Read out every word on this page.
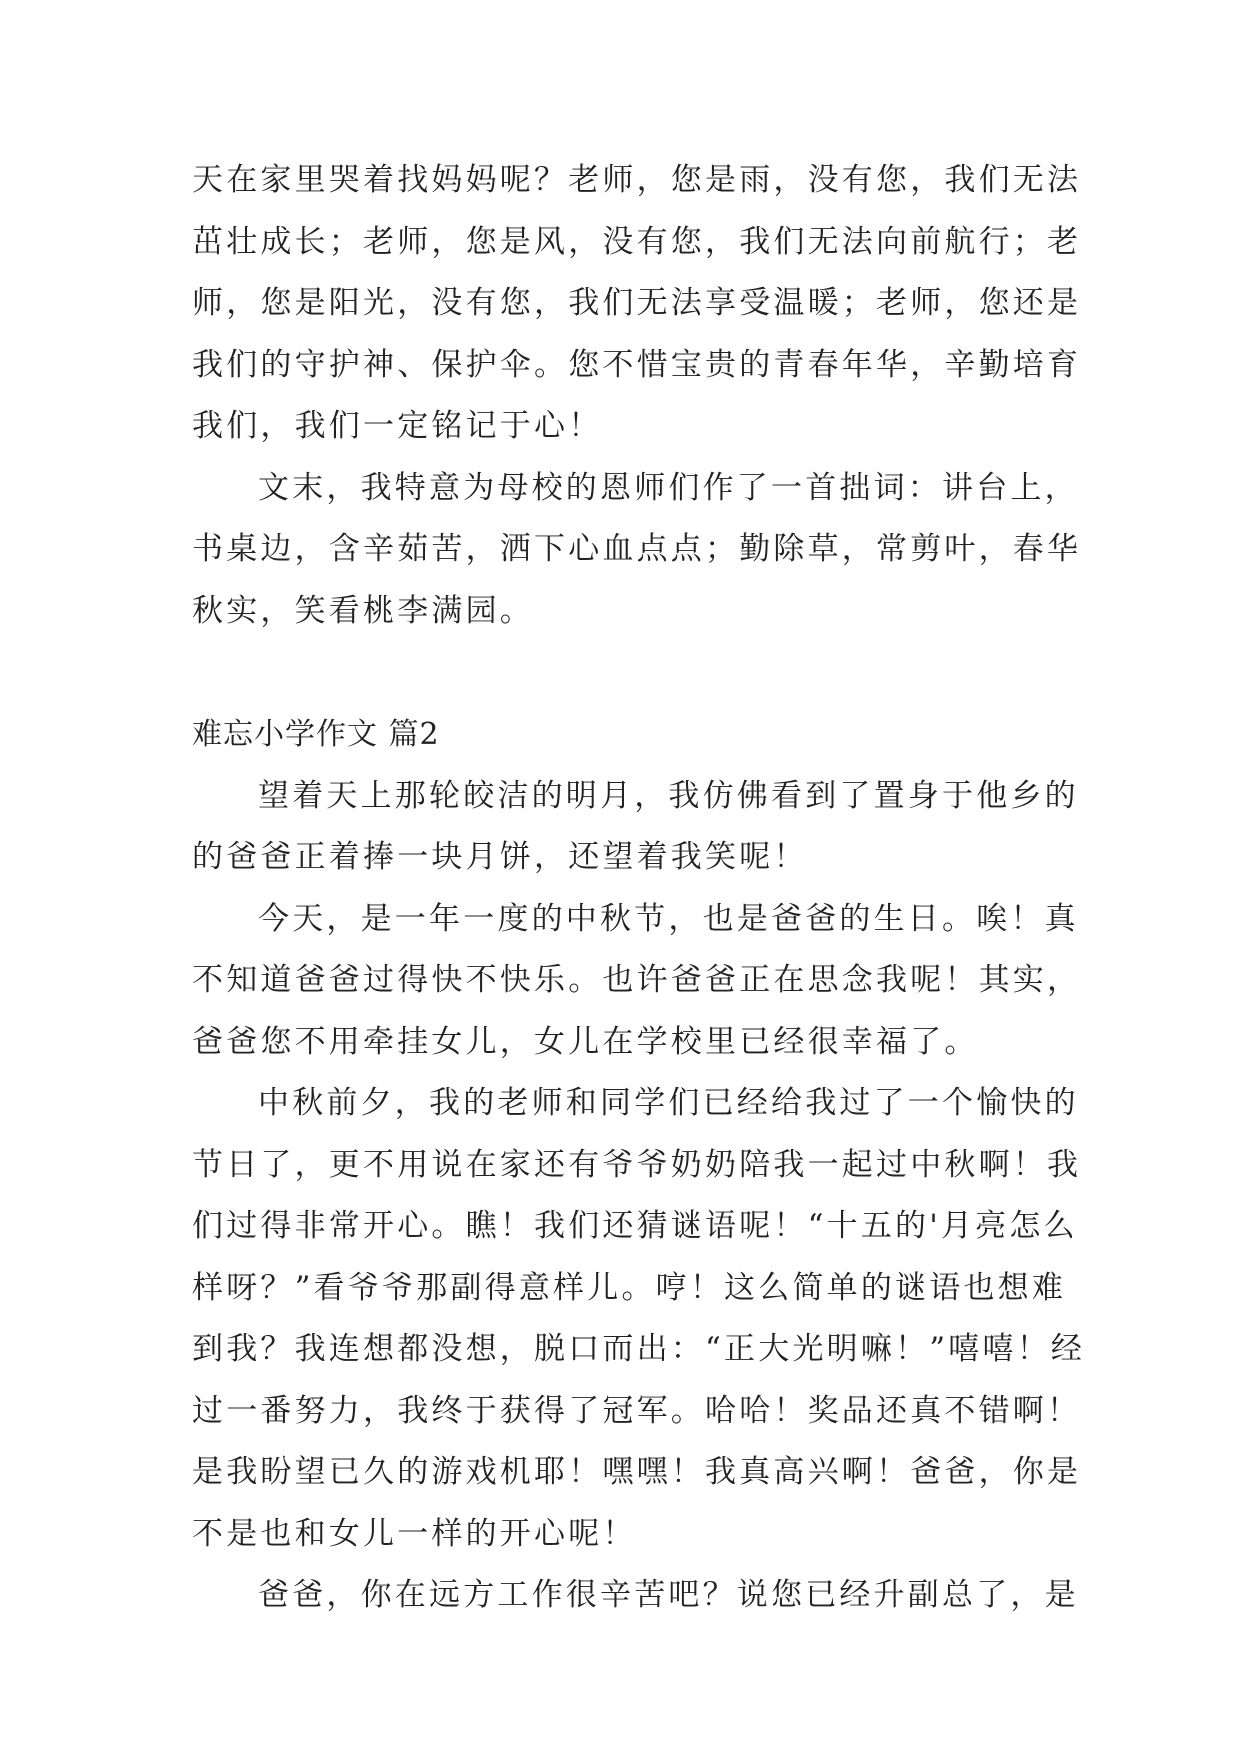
天在家里哭着找妈妈呢？老师，您是雨，没有您，我们无法
茁壮成长；老师，您是风，没有您，我们无法向前航行；老
师，您是阳光，没有您，我们无法享受温暖；老师，您还是
我们的守护神、保护伞。您不惜宝贵的青春年华，辛勤培育
我们，我们一定铭记于心！
文末，我特意为母校的恩师们作了一首拙词：讲台上，
书桌边，含辛茹苦，洒下心血点点；勤除草，常剪叶，春华
秋实，笑看桃李满园。
难忘小学作文 篇2
望着天上那轮皎洁的明月，我仿佛看到了置身于他乡的
的爸爸正着捧一块月饼，还望着我笑呢！
今天，是一年一度的中秋节，也是爸爸的生日。唉！真
不知道爸爸过得快不快乐。也许爸爸正在思念我呢！其实，
爸爸您不用牵挂女儿，女儿在学校里已经很幸福了。
中秋前夕，我的老师和同学们已经给我过了一个愉快的
节日了，更不用说在家还有爷爷奶奶陪我一起过中秋啊！我
们过得非常开心。瞧！我们还猜谜语呢！“十五的'月亮怎么
样呀？”看爷爷那副得意样儿。哼！这么简单的谜语也想难
到我？我连想都没想，脱口而出：“正大光明嘛！”嘻嘻！经
过一番努力，我终于获得了冠军。哈哈！奖品还真不错啊！
是我盼望已久的游戏机耶！嘿嘿！我真高兴啊！爸爸，你是
不是也和女儿一样的开心呢！
爸爸，你在远方工作很辛苦吧？说您已经升副总了，是
